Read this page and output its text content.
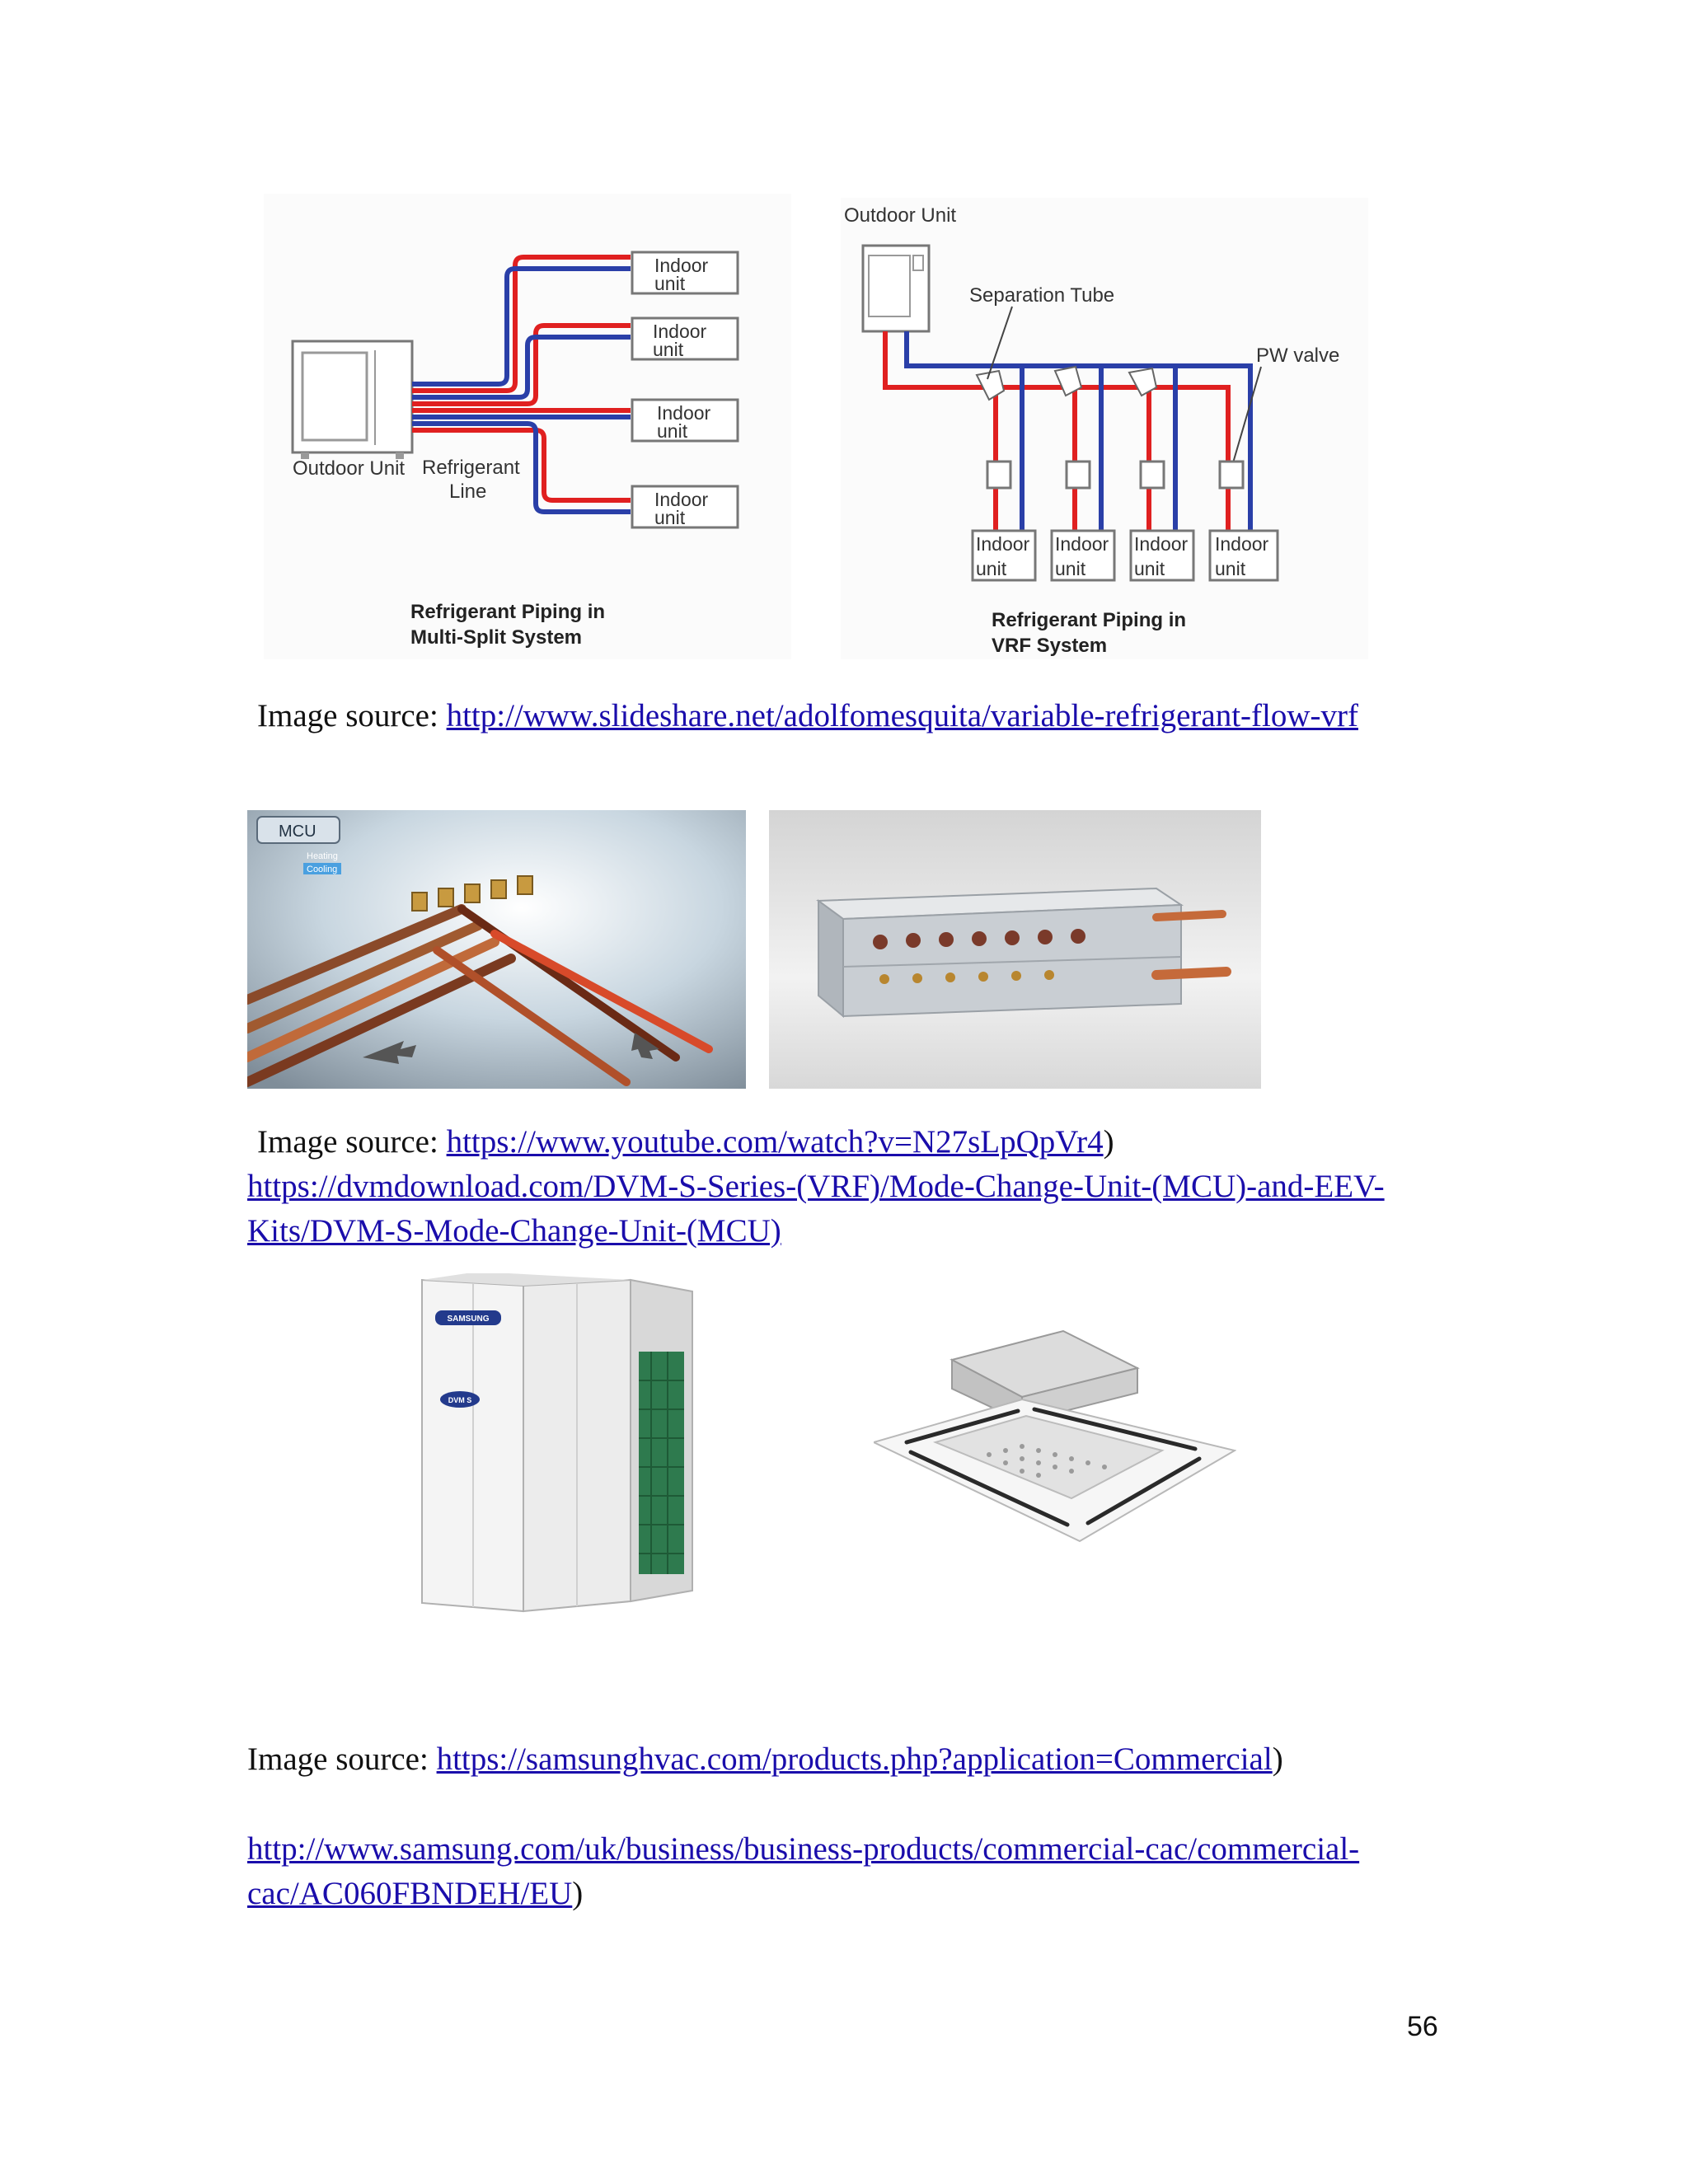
Indoor
unit
Indoor
unit
Indoor
unit
Indoor
unit
Outdoor Unit Refrigerant
Line
Refrigerant Piping in
Multi-Split System
Outdoor Unit
Separation Tube
PW valve
Indoor
unit
Indoor
unit
Indoor
unit
Indoor
unit
Refrigerant Piping in
VRF System
Image source: http://www.slideshare.net/adolfomesquita/variable-refrigerant-flow-vrf
MCU
Heating
Cooling
Image source: https://www.youtube.com/watch?v=N27sLpQpVr4)
https://dvmdownload.com/DVM-S-Series-(VRF)/Mode-Change-Unit-(MCU)-and-EEV-
Kits/DVM-S-Mode-Change-Unit-(MCU)
SAMSUNG
DVM S
Image source: https://samsunghvac.com/products.php?application=Commercial)
http://www.samsung.com/uk/business/business-products/commercial-cac/commercial-
cac/AC060FBNDEH/EU)
56
